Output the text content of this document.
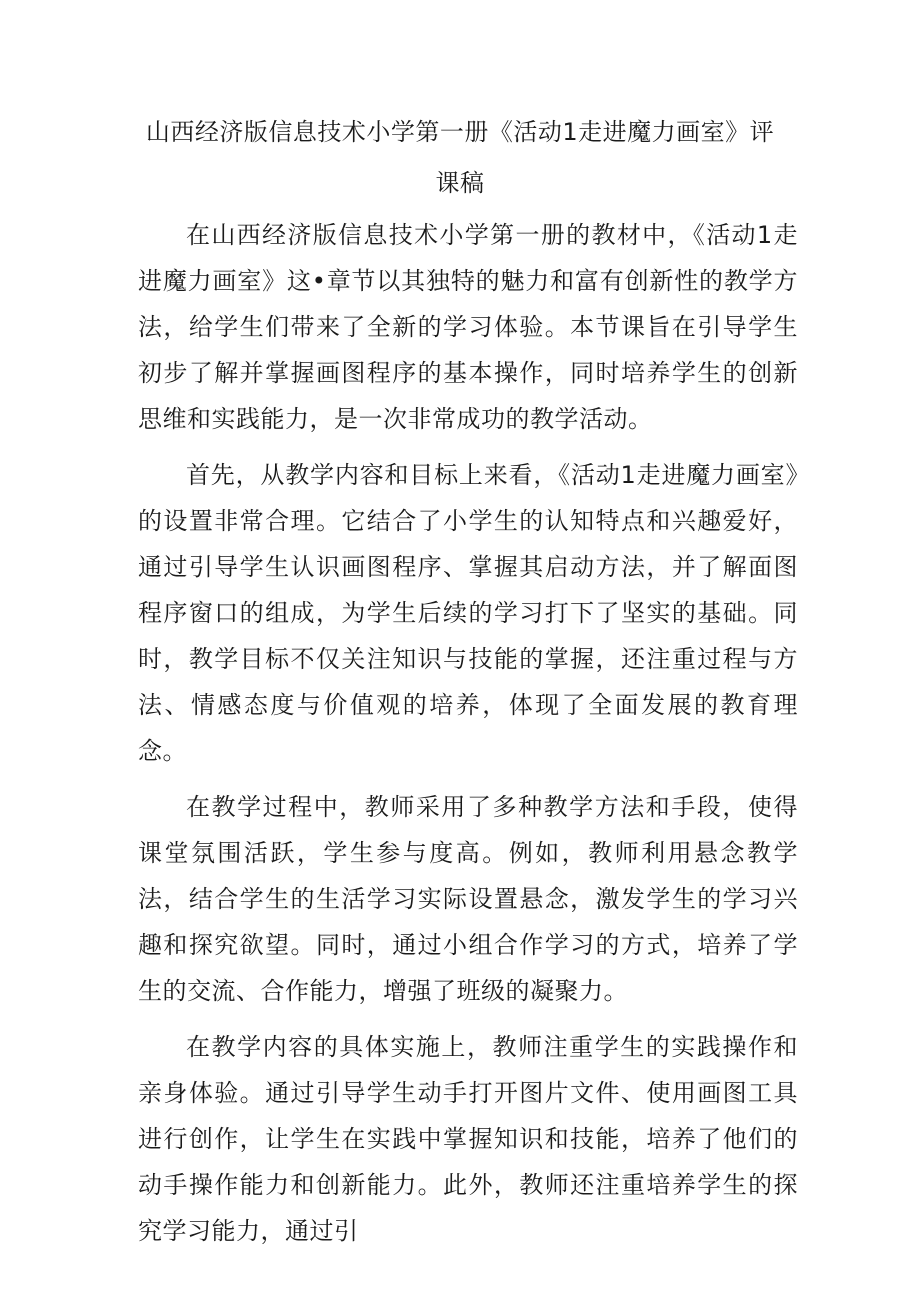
山西经济版信息技术小学第一册《活动1走进魔力画室》评
课稿

在山西经济版信息技术小学第一册的教材中，《活动1走进魔力画室》这•章节以其独特的魅力和富有创新性的教学方法，给学生们带来了全新的学习体验。本节课旨在引导学生初步了解并掌握画图程序的基本操作，同时培养学生的创新思维和实践能力，是一次非常成功的教学活动。

首先，从教学内容和目标上来看，《活动1走进魔力画室》的设置非常合理。它结合了小学生的认知特点和兴趣爱好，通过引导学生认识画图程序、掌握其启动方法，并了解面图程序窗口的组成，为学生后续的学习打下了坚实的基础。同时，教学目标不仅关注知识与技能的掌握，还注重过程与方法、情感态度与价值观的培养，体现了全面发展的教育理念。

在教学过程中，教师采用了多种教学方法和手段，使得课堂氛围活跃，学生参与度高。例如，教师利用悬念教学法，结合学生的生活学习实际设置悬念，激发学生的学习兴趣和探究欲望。同时，通过小组合作学习的方式，培养了学生的交流、合作能力，增强了班级的凝聚力。

在教学内容的具体实施上，教师注重学生的实践操作和亲身体验。通过引导学生动手打开图片文件、使用画图工具进行创作，让学生在实践中掌握知识和技能，培养了他们的动手操作能力和创新能力。此外，教师还注重培养学生的探究学习能力，通过引
